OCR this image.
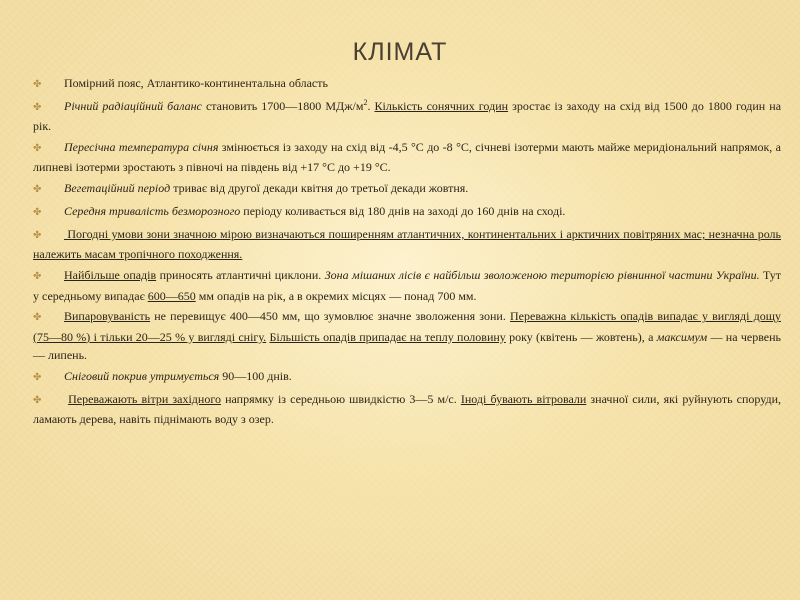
КЛІМАТ
✤ Помірний пояс, Атлантико-континентальна область
✤ Річний радіаційний баланс становить 1700—1800 МДж/$м^2$. Кількість сонячних годин зростає із заходу на схід від 1500 до 1800 годин на рік.
✤ Пересічна температура січня змінюється із заходу на схід від -4,5 °С до -8 °С, січневі ізотерми мають майже меридіональний напрямок, а липневі ізотерми зростають з півночі на південь від +17 °С до +19 °С.
✤ Вегетаційний період триває від другої декади квітня до третьої декади жовтня.
✤ Середня тривалість безморозного періоду коливається від 180 днів на заході до 160 днів на сході.
✤ Погодні умови зони значною мірою визначаються поширенням атлантичних, континентальних і арктичних повітряних мас; незначна роль належить масам тропічного походження.
✤ Найбільше опадів приносять атлантичні циклони. Зона мішаних лісів є найбільш зволоженою територією рівнинної частини України. Тут у середньому випадає 600—650 мм опадів на рік, а в окремих місцях — понад 700 мм.
✤ Випаровуваність не перевищує 400—450 мм, що зумовлює значне зволоження зони. Переважна кількість опадів випадає у вигляді дощу (75—80 %) і тільки 20—25 % у вигляді снігу. Більшість опадів припадає на теплу половину року (квітень — жовтень), а максимум — на червень — липень.
✤ Сніговий покрив утримується 90—100 днів.
✤ Переважають вітри західного напрямку із середньою швидкістю 3—5 м/с. Іноді бувають вітровали значної сили, які руйнують споруди, ламають дерева, навіть піднімають воду з озер.
